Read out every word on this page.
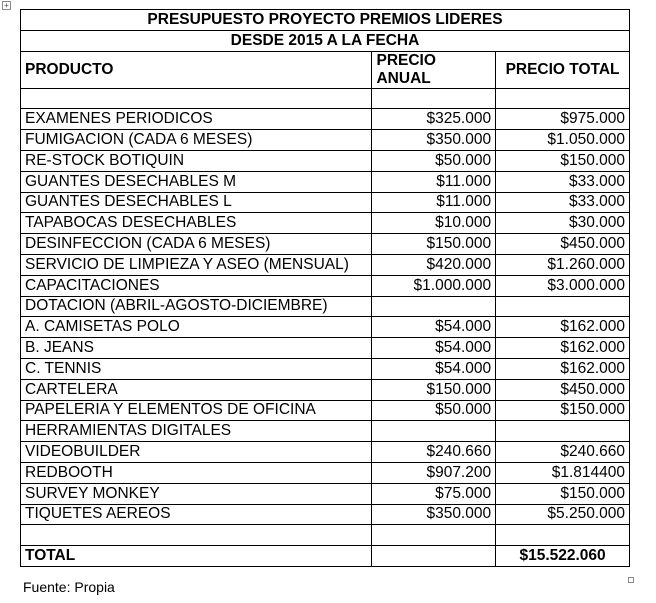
+
PRESUPUESTO PROYECTO PREMIOS LIDERES		
DESDE 2015 A LA FECHA		
PRODUCTO	PRECIO ANUAL	PRECIO TOTAL

EXAMENES PERIODICOS	$325.000	$975.000
FUMIGACION (CADA 6 MESES)	$350.000	$1.050.000
RE-STOCK BOTIQUIN	$50.000	$150.000
GUANTES DESECHABLES M	$11.000	$33.000
GUANTES DESECHABLES L	$11.000	$33.000
TAPABOCAS DESECHABLES	$10.000	$30.000
DESINFECCION (CADA 6 MESES)	$150.000	$450.000
SERVICIO DE LIMPIEZA Y ASEO (MENSUAL)	$420.000	$1.260.000
CAPACITACIONES	$1.000.000	$3.000.000
DOTACION (ABRIL-AGOSTO-DICIEMBRE)		
A. CAMISETAS POLO	$54.000	$162.000
B. JEANS	$54.000	$162.000
C. TENNIS	$54.000	$162.000
CARTELERA	$150.000	$450.000
PAPELERIA Y ELEMENTOS DE OFICINA	$50.000	$150.000
HERRAMIENTAS DIGITALES		
VIDEOBUILDER	$240.660	$240.660
REDBOOTH	$907.200	$1.814400
SURVEY MONKEY	$75.000	$150.000
TIQUETES AEREOS	$350.000	$5.250.000

TOTAL		$15.522.060
Fuente: Propia
